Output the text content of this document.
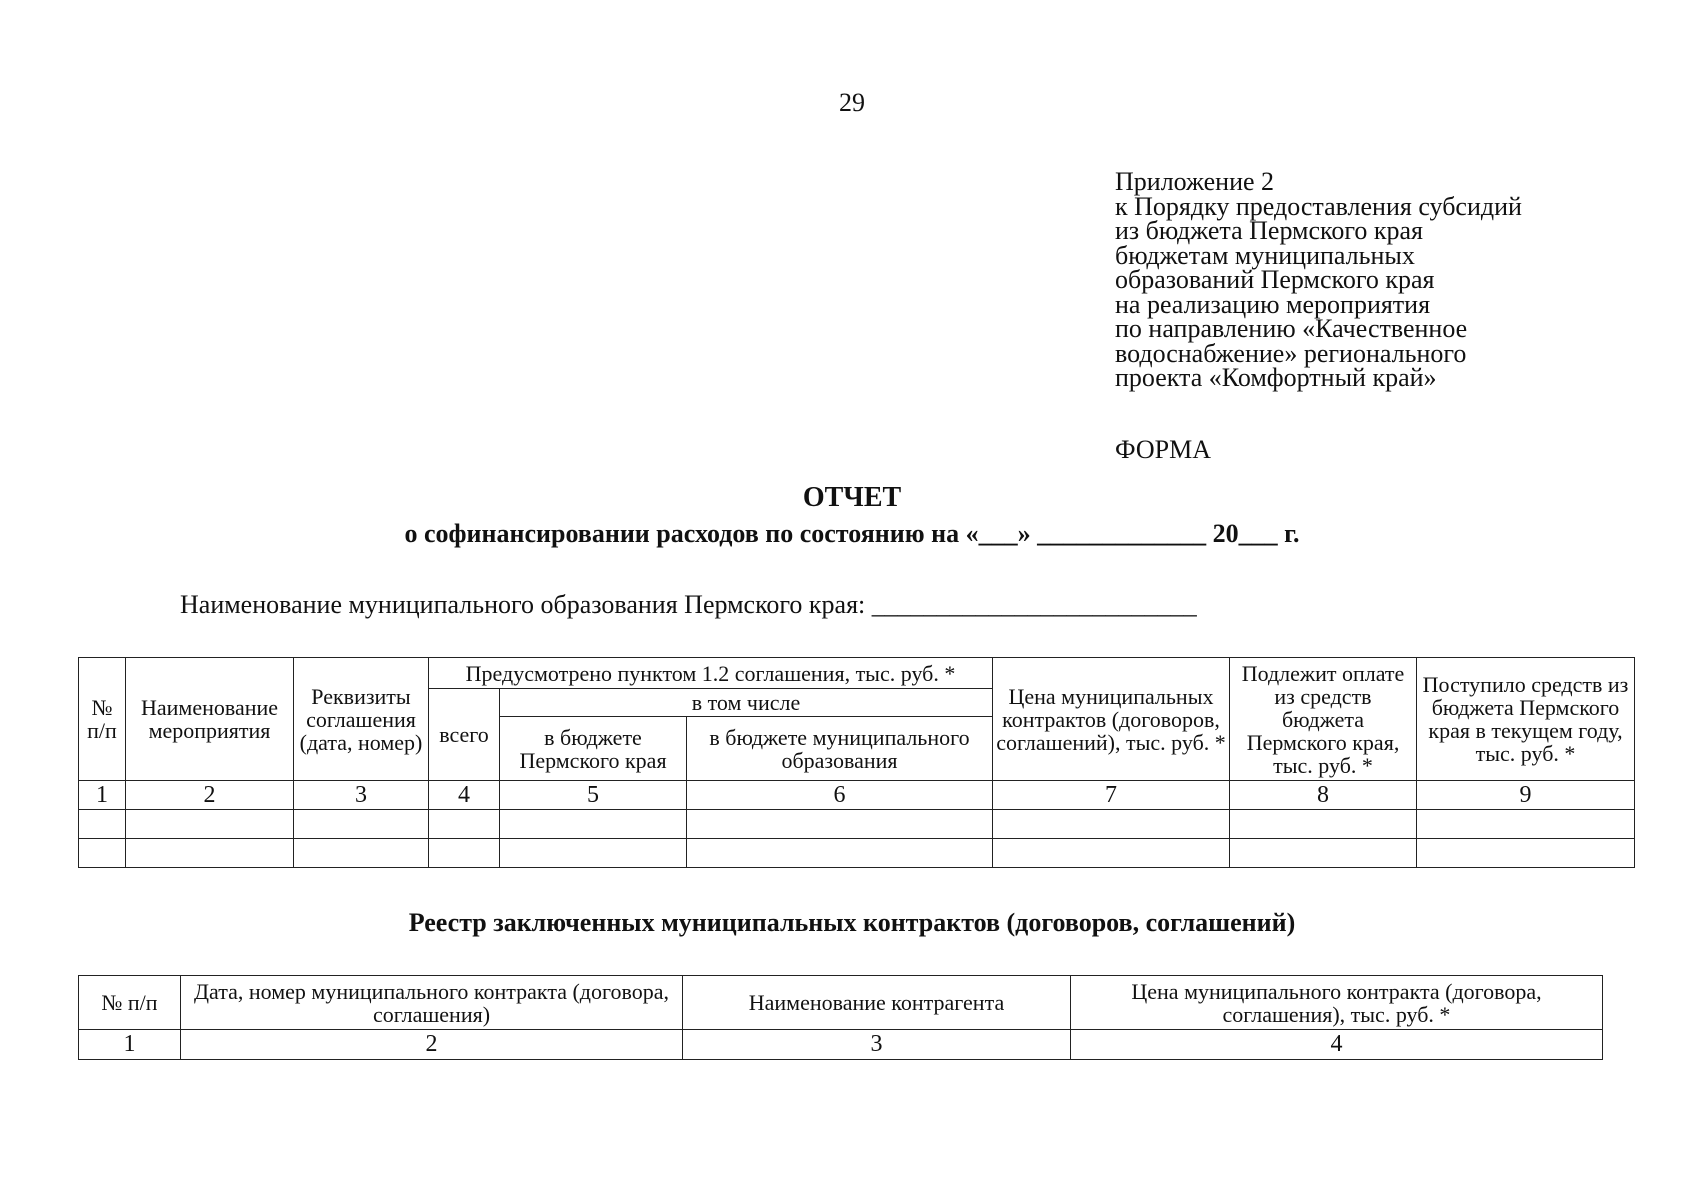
29
Приложение 2
к Порядку предоставления субсидий
из бюджета Пермского края
бюджетам муниципальных
образований Пермского края
на реализацию мероприятия
по направлению «Качественное
водоснабжение» регионального
проекта «Комфортный край»
ФОРМА
ОТЧЕТ
о софинансировании расходов по состоянию на «___» _____________ 20___ г.
Наименование муниципального образования Пермского края: _________________________
№ п/п	Наименование мероприятия	Реквизиты соглашения (дата, номер)	Предусмотрено пунктом 1.2 соглашения, тыс. руб. *			Цена муниципальных контрактов (договоров, соглашений), тыс. руб. *	Подлежит оплате из средств бюджета Пермского края, тыс. руб. *	Поступило средств из бюджета Пермского края в текущем году, тыс. руб. *
			всего	в том числе				
				в бюджете Пермского края	в бюджете муниципального образования			
1	2	3	4	5	6	7	8	9

Реестр заключенных муниципальных контрактов (договоров, соглашений)
№ п/п	Дата, номер муниципального контракта (договора, соглашения)	Наименование контрагента	Цена муниципального контракта (договора, соглашения), тыс. руб. *
1	2	3	4
